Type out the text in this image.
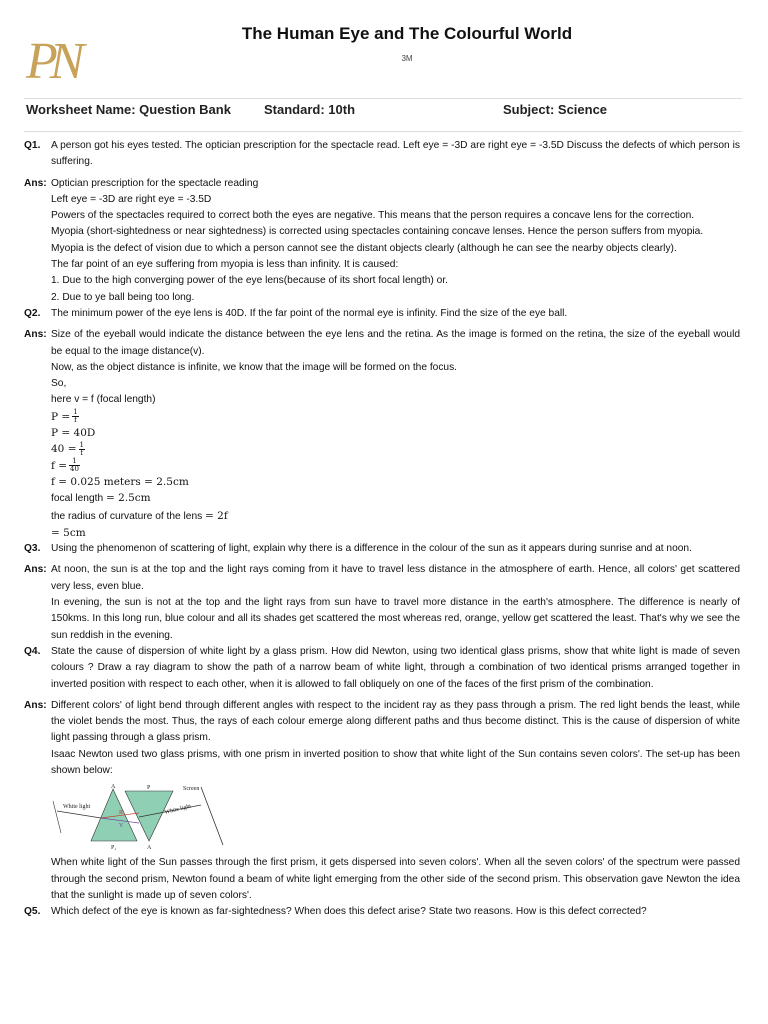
PN	The Human Eye and The Colourful World
3M
Worksheet Name: Question Bank	Standard: 10th	Subject: Science
Q1.	A person got his eyes tested. The optician prescription for the spectacle read. Left eye = -3D are right eye = -3.5D Discuss the defects of which person is suffering.
Ans: Optician prescription for the spectacle reading

Left eye = -3D are right eye = -3.5D

Powers of the spectacles required to correct both the eyes are negative. This means that the person requires a concave lens for the correction.

Myopia (short-sightedness or near sightedness) is corrected using spectacles containing concave lenses. Hence the person suffers from myopia.

Myopia is the defect of vision due to which a person cannot see the distant objects clearly (although he can see the nearby objects clearly).

The far point of an eye suffering from myopia is less than infinity. It is caused:

1. Due to the high converging power of the eye lens(because of its short focal length) or.

2. Due to ye ball being too long.

Q2.	The minimum power of the eye lens is 40D. If the far point of the normal eye is infinity. Find the size of the eye ball.
Ans: Size of the eyeball would indicate the distance between the eye lens and the retina. As the image is formed on the retina, the size of the eyeball would be equal to the image distance(v).

Now, as the object distance is infinite, we know that the image will be formed on the focus.

So,

here v = f (focal length)

$P = \frac{1}{f}$

P = 40D

$40 = \frac{1}{f}$

$f = \frac{1}{40}$

f = 0.025 meters = 2.5cm

focal length = 2.5cm

the radius of curvature of the lens = 2f

= 5cm

Q3.	Using the phenomenon of scattering of light, explain why there is a difference in the colour of the sun as it appears during sunrise and at noon.
Ans: At noon, the sun is at the top and the light rays coming from it have to travel less distance in the atmosphere of earth. Hence, all colors' get scattered very less, even blue.

In evening, the sun is not at the top and the light rays from sun have to travel more distance in the earth's atmosphere. The difference is nearly of 150kms. In this long run, blue colour and all its shades get scattered the most whereas red, orange, yellow get scattered the least. That's why we see the sun reddish in the evening.

Q4.	State the cause of dispersion of white light by a glass prism. How did Newton, using two identical glass prisms, show that white light is made of seven colours ? Draw a ray diagram to show the path of a narrow beam of white light, through a combination of two identical prisms arranged together in inverted position with respect to each other, when it is allowed to fall obliquely on one of the faces of the first prism of the combination.
Ans: Different colors' of light bend through different angles with respect to the incident ray as they pass through a prism. The red light bends the least, while the violet bends the most. Thus, the rays of each colour emerge along different paths and thus become distinct. This is the cause of dispersion of white light passing through a glass prism.

Isaac Newton used two glass prisms, with one prism in inverted position to show that white light of the Sun contains seven colors'. The set-up has been shown below:

White light	White light
Screen
A	P
A
P₁
R
V

When white light of the Sun passes through the first prism, it gets dispersed into seven colors'. When all the seven colors' of the spectrum were passed through the second prism, Newton found a beam of white light emerging from the other side of the second prism. This observation gave Newton the idea that the sunlight is made up of seven colors'.

Q5.	Which defect of the eye is known as far-sightedness? When does this defect arise? State two reasons. How is this defect corrected?
